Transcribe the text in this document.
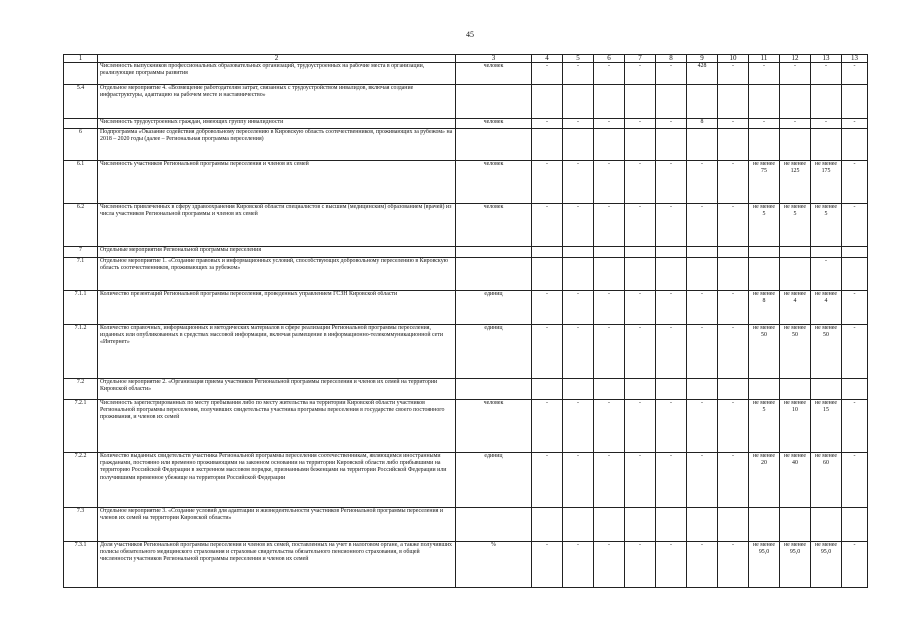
45
1	2	3	4	5	6	7	8	9	10	11	12	13	13
	Численность выпускников профессиональных образовательных организаций, трудоустроенных на рабочие места в организации, реализующие программы развития	человек	-	-	-	-	-	428	-	-	-	-	-
5.4	Отдельное мероприятие 4. «Возмещение работодателям затрат, связанных с трудоустройством инвалидов, включая создание инфраструктуры, адаптацию на рабочем месте и наставничество»												
	Численность трудоустроенных граждан, имеющих группу инвалидности	человек	-	-	-	-	-	8	-	-	-	-	-
6	Подпрограмма «Оказание содействия добровольному переселению в Кировскую область соотечественников, проживающих за рубежом» на 2018 – 2020 годы (далее – Региональная программа переселения)												
6.1	Численность участников Региональной программы переселения и членов их семей	человек	-	-	-	-	-	-	-	не менее 75	не менее 125	не менее 175	-
6.2	Численность привлеченных в сферу здравоохранения Кировской области специалистов с высшим (медицинским) образованием (врачей) из числа участников Региональной программы и членов их семей	человек	-	-	-	-	-	-	-	не менее 5	не менее 5	не менее 5	-
7	Отдельные мероприятия Региональной программы переселения												
7.1	Отдельное мероприятие 1. «Создание правовых и информационных условий, способствующих добровольному переселению в Кировскую область соотечественников, проживающих за рубежом»											-	
7.1.1	Количество презентаций Региональной программы переселения, проведенных управлением ГСЗН Кировской области	единиц	-	-	-	-	-	-	-	не менее 8	не менее 4	не менее 4	-
7.1.2	Количество справочных, информационных и методических материалов в сфере реализации Региональной программы переселения, изданных или опубликованных в средствах массовой информации, включая размещение в информационно-телекоммуникационной сети «Интернет»	единиц	-	-	-	-	-	-	-	не менее 50	не менее 50	не менее 50	-
7.2	Отдельное мероприятие 2. «Организация приема участников Региональной программы переселения и членов их семей на территории Кировской области»												
7.2.1	Численность зарегистрированных по месту пребывания либо по месту жительства на территории Кировской области участников Региональной программы переселения, получивших свидетельства участника программы переселения в государстве своего постоянного проживания, и членов их семей	человек	-	-	-	-	-	-	-	не менее 5	не менее 10	не менее 15	-
7.2.2	Количество выданных свидетельств участника Региональной программы переселения соотечественникам, являющимся иностранными гражданами, постоянно или временно проживающими на законном основании на территории Кировской области либо прибывшими на территорию Российской Федерации в экстренном массовом порядке, признанными беженцами на территории Российской Федерации или получившими временное убежище на территории Российской Федерации	единиц	-	-	-	-	-	-	-	не менее 20	не менее 40	не менее 60	-
7.3	Отдельное мероприятие 3. «Создание условий для адаптации и жизнедеятельности участников Региональной программы переселения и членов их семей на территории Кировской области»												
7.3.1	Доля участников Региональной программы переселения и членов их семей, поставленных на учет в налоговом органе, а также получивших полисы обязательного медицинского страхования и страховые свидетельства обязательного пенсионного страхования, в общей численности участников Региональной программы переселения и членов их семей	%	-	-	-	-	-	-	-	не менее 95,0	не менее 95,0	не менее 95,0	-
